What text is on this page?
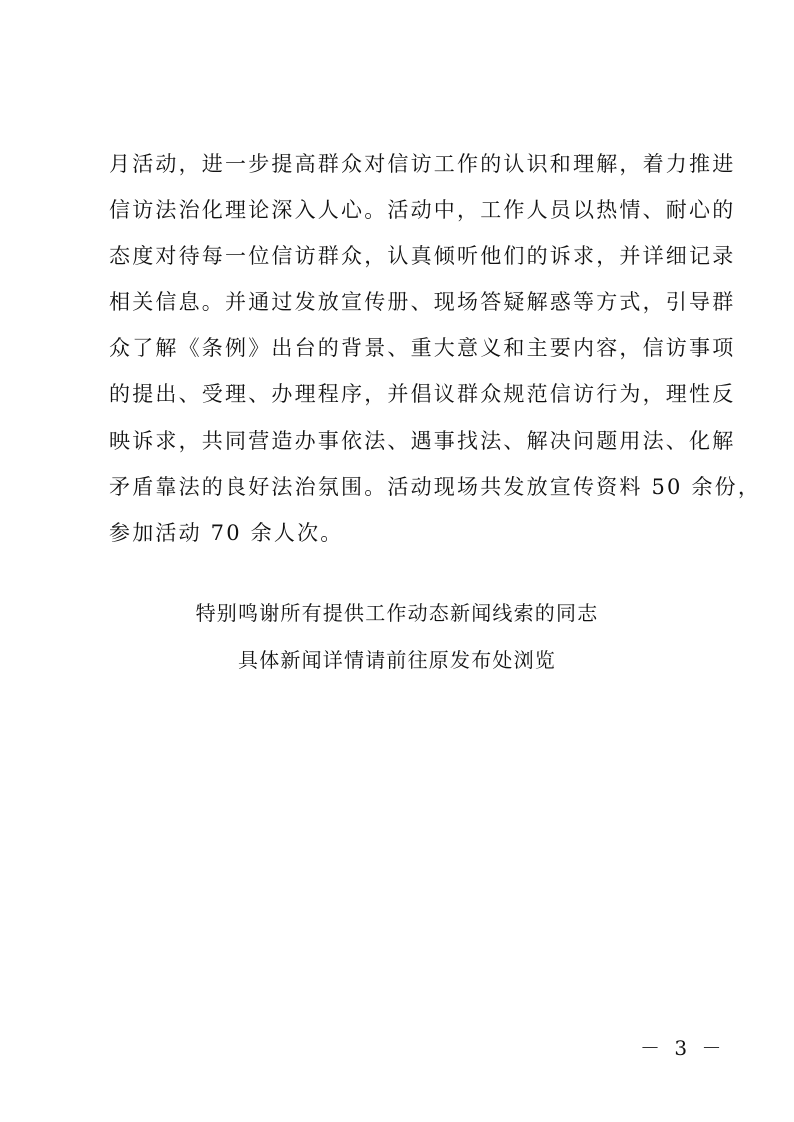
月活动，进一步提高群众对信访工作的认识和理解，着力推进
信访法治化理论深入人心。活动中，工作人员以热情、耐心的
态度对待每一位信访群众，认真倾听他们的诉求，并详细记录
相关信息。并通过发放宣传册、现场答疑解惑等方式，引导群
众了解《条例》出台的背景、重大意义和主要内容，信访事项
的提出、受理、办理程序，并倡议群众规范信访行为，理性反
映诉求，共同营造办事依法、遇事找法、解决问题用法、化解
矛盾靠法的良好法治氛围。活动现场共发放宣传资料 50 余份，
参加活动 70 余人次。
特别鸣谢所有提供工作动态新闻线索的同志
具体新闻详情请前往原发布处浏览
－ 3 －
